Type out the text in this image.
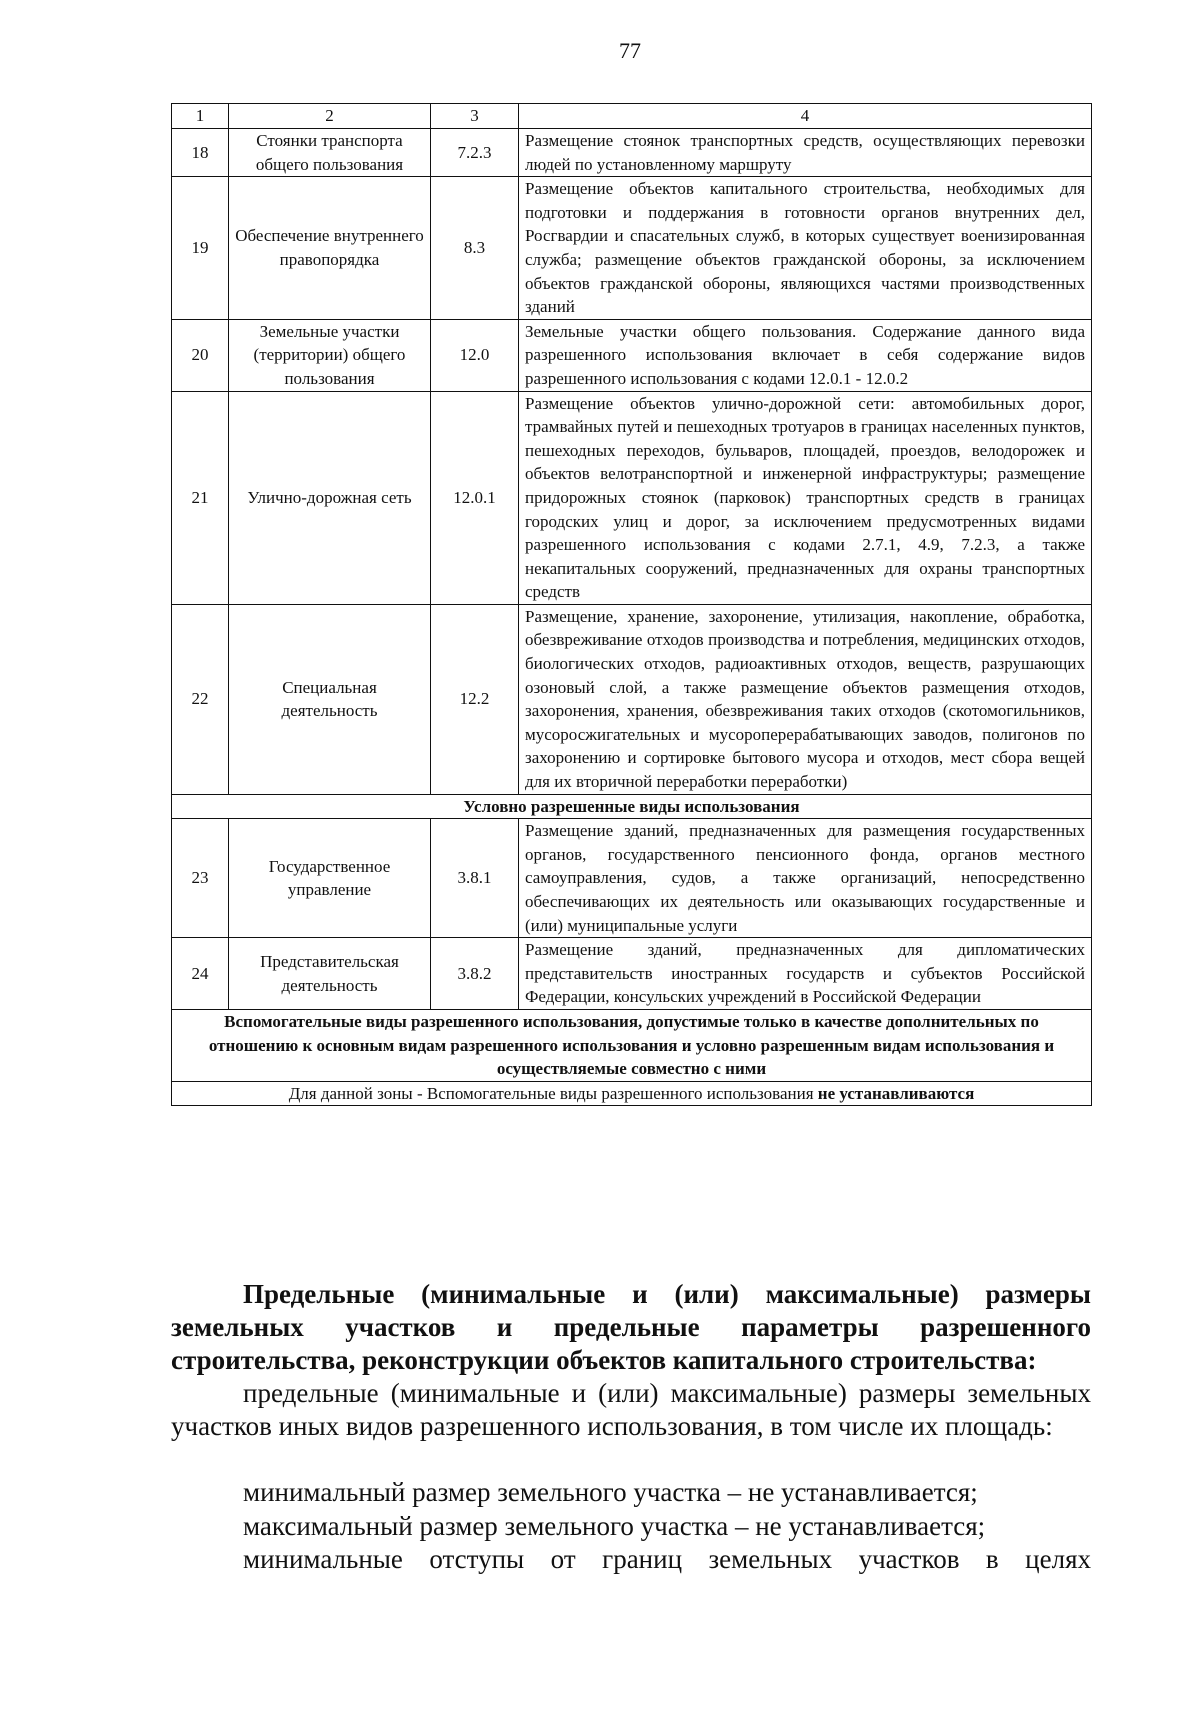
77
1	2	3	4
18	Стоянки транспорта общего пользования	7.2.3	Размещение стоянок транспортных средств, осуществляющих перевозки людей по установленному маршруту
19	Обеспечение внутреннего правопорядка	8.3	Размещение объектов капитального строительства, необходимых для подготовки и поддержания в готовности органов внутренних дел, Росгвардии и спасательных служб, в которых существует военизированная служба; размещение объектов гражданской обороны, за исключением объектов гражданской обороны, являющихся частями производственных зданий
20	Земельные участки (территории) общего пользования	12.0	Земельные участки общего пользования. Содержание данного вида разрешенного использования включает в себя содержание видов разрешенного использования с кодами 12.0.1 - 12.0.2
21	Улично-дорожная сеть	12.0.1	Размещение объектов улично-дорожной сети: автомобильных дорог, трамвайных путей и пешеходных тротуаров в границах населенных пунктов, пешеходных переходов, бульваров, площадей, проездов, велодорожек и объектов велотранспортной и инженерной инфраструктуры; размещение придорожных стоянок (парковок) транспортных средств в границах городских улиц и дорог, за исключением предусмотренных видами разрешенного использования с кодами 2.7.1, 4.9, 7.2.3, а также некапитальных сооружений, предназначенных для охраны транспортных средств
22	Специальная деятельность	12.2	Размещение, хранение, захоронение, утилизация, накопление, обработка, обезвреживание отходов производства и потребления, медицинских отходов, биологических отходов, радиоактивных отходов, веществ, разрушающих озоновый слой, а также размещение объектов размещения отходов, захоронения, хранения, обезвреживания таких отходов (скотомогильников, мусоросжигательных и мусороперерабатывающих заводов, полигонов по захоронению и сортировке бытового мусора и отходов, мест сбора вещей для их вторичной переработки переработки)
Условно разрешенные виды использования			
23	Государственное управление	3.8.1	Размещение зданий, предназначенных для размещения государственных органов, государственного пенсионного фонда, органов местного самоуправления, судов, а также организаций, непосредственно обеспечивающих их деятельность или оказывающих государственные и (или) муниципальные услуги
24	Представительская деятельность	3.8.2	Размещение зданий, предназначенных для дипломатических представительств иностранных государств и субъектов Российской Федерации, консульских учреждений в Российской Федерации
Вспомогательные виды разрешенного использования, допустимые только в качестве дополнительных по отношению к основным видам разрешенного использования и условно разрешенным видам использования и осуществляемые совместно с ними			
Для данной зоны - Вспомогательные виды разрешенного использования не устанавливаются			
Предельные (минимальные и (или) максимальные) размеры земельных участков и предельные параметры разрешенного строительства, реконструкции объектов капитального строительства:
предельные (минимальные и (или) максимальные) размеры земельных участков иных видов разрешенного использования, в том числе их площадь:
минимальный размер земельного участка – не устанавливается;
максимальный размер земельного участка – не устанавливается;
минимальные отступы от границ земельных участков в целях
